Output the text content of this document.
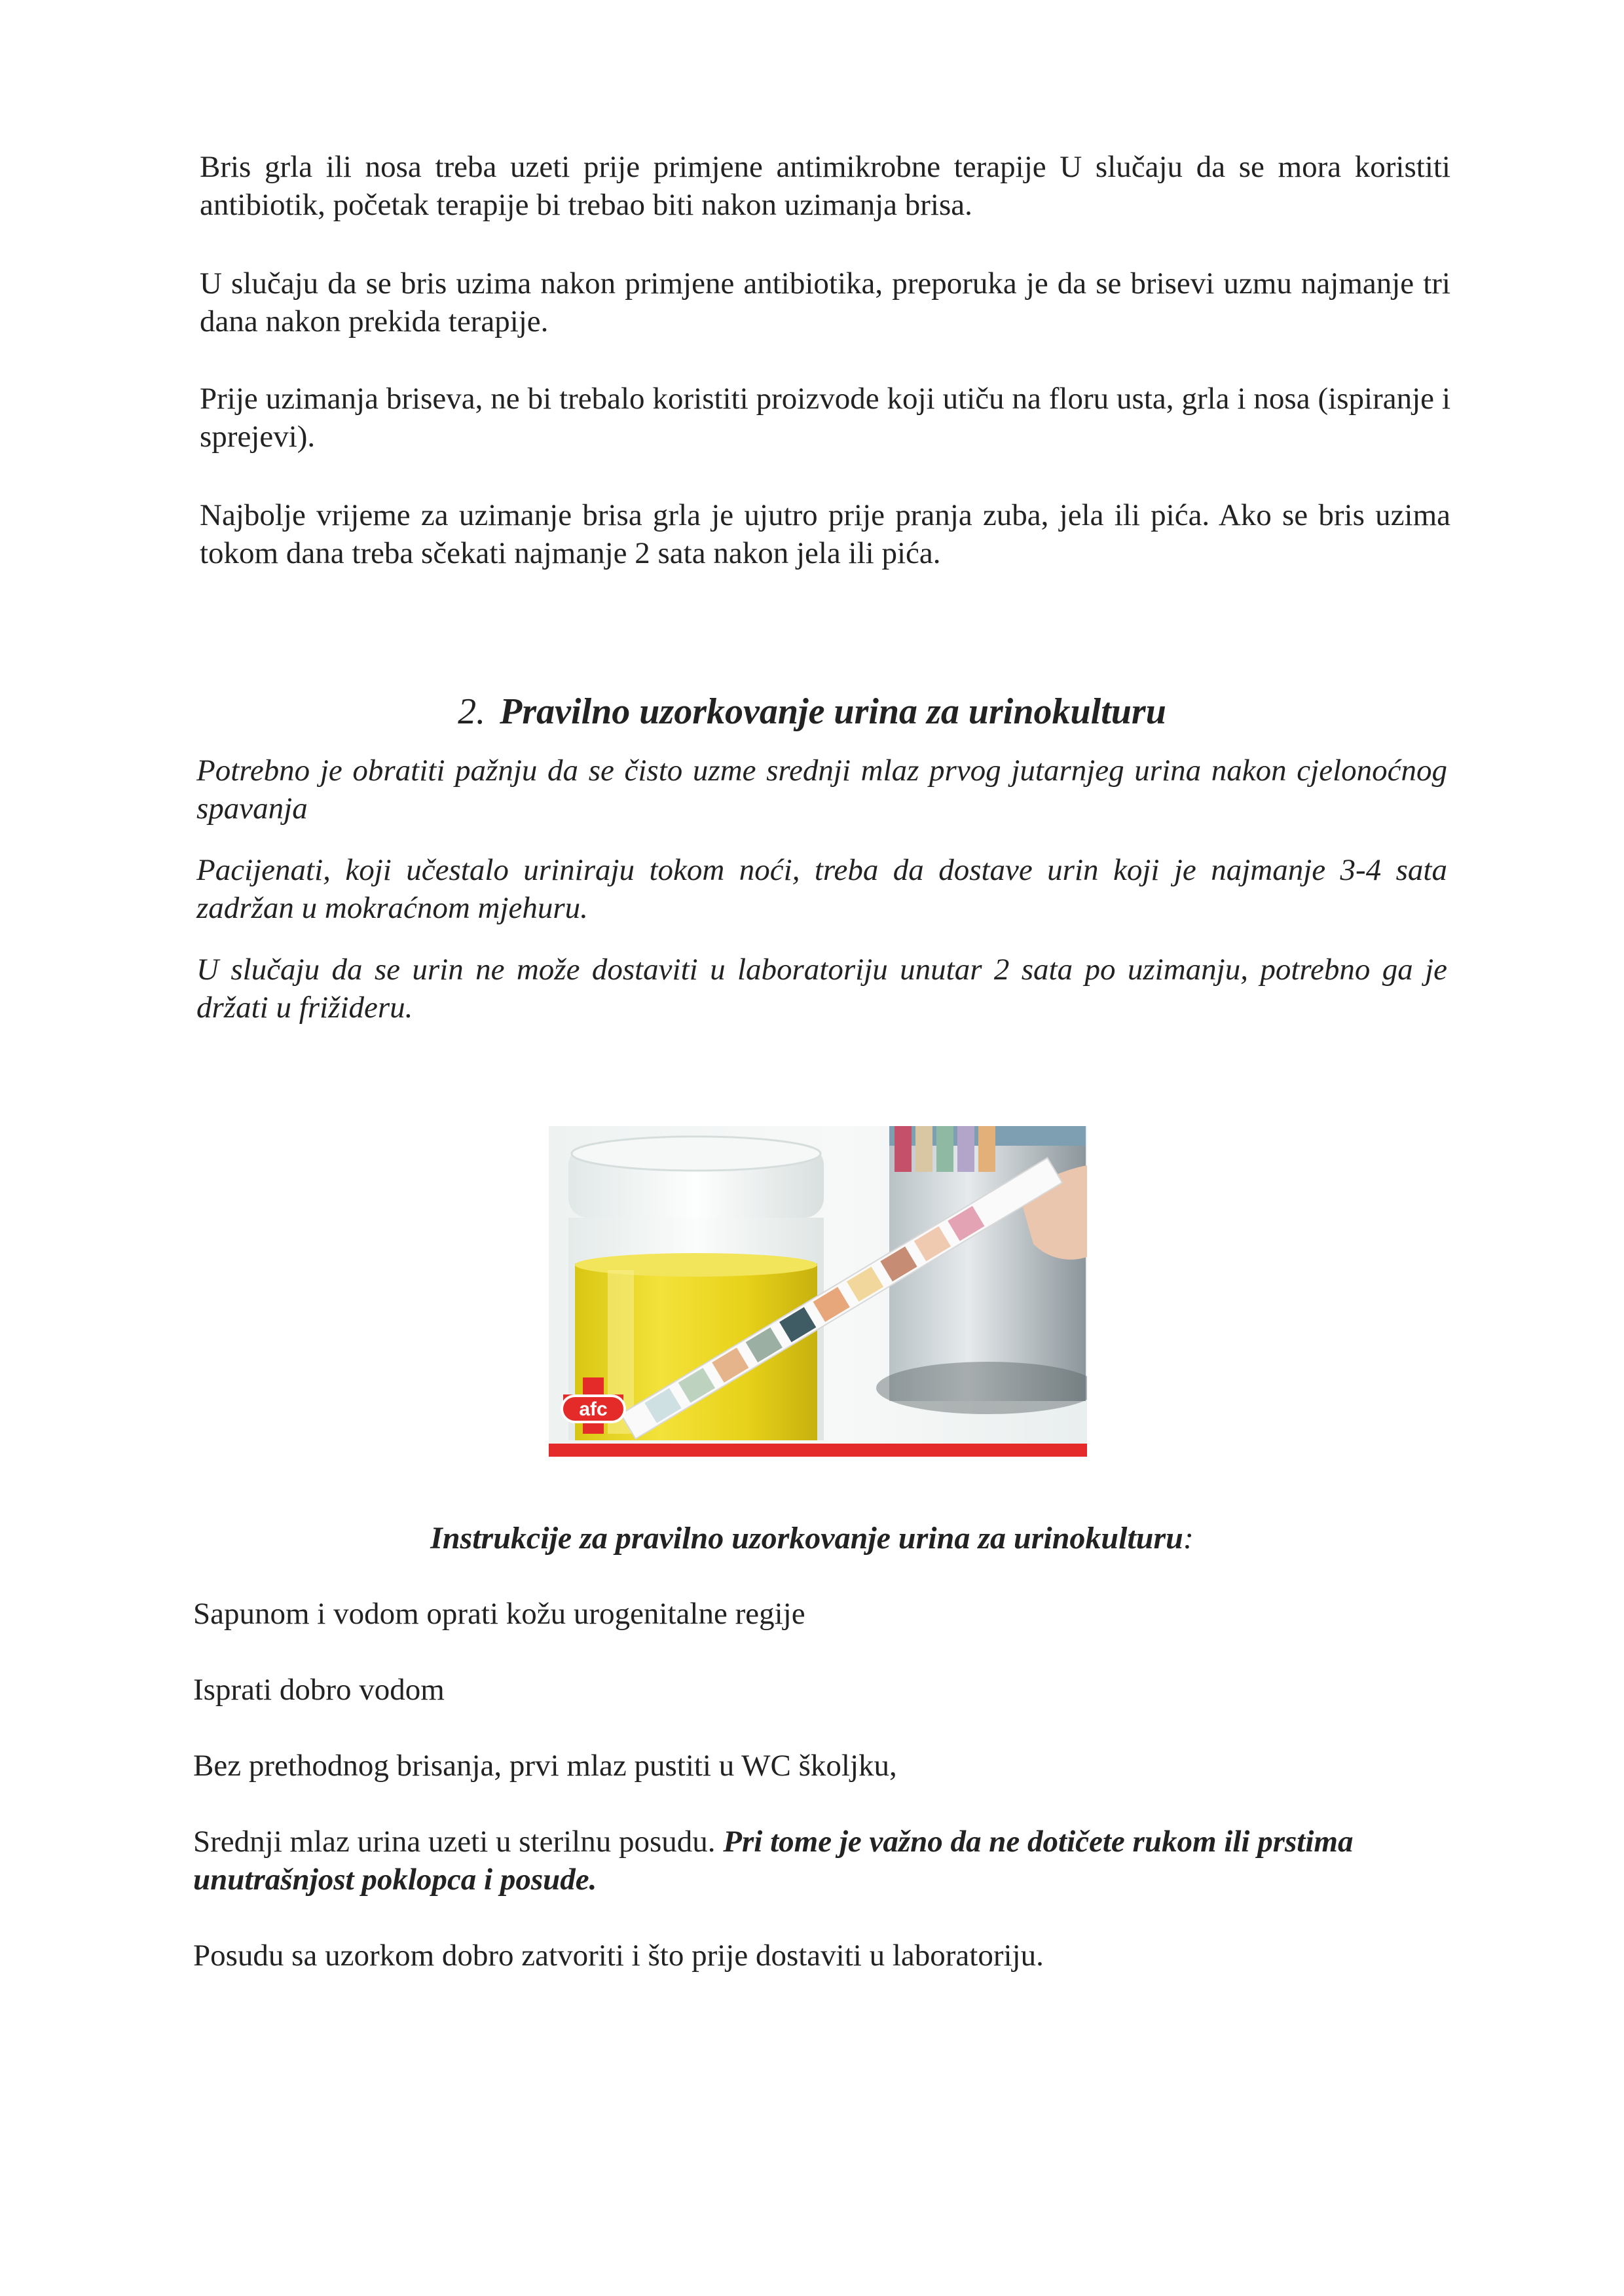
Bris grla ili nosa treba uzeti prije primjene antimikrobne terapije U slučaju da se mora koristiti antibiotik, početak terapije bi trebao biti nakon uzimanja brisa.

U slučaju da se bris uzima nakon primjene antibiotika, preporuka je da se brisevi uzmu najmanje tri dana nakon prekida terapije.

Prije uzimanja briseva, ne bi trebalo koristiti proizvode koji utiču na floru usta, grla i nosa (ispiranje i sprejevi).

Najbolje vrijeme za uzimanje brisa grla je ujutro prije pranja zuba, jela ili pića. Ako se bris uzima tokom dana treba sčekati najmanje 2 sata nakon jela ili pića.

2. Pravilno uzorkovanje urina za urinokulturu

Potrebno je obratiti pažnju da se čisto uzme srednji mlaz prvog jutarnjeg urina nakon cjelonoćnog spavanja

Pacijenati, koji učestalo uriniraju tokom noći, treba da dostave urin koji je najmanje 3-4 sata zadržan u mokraćnom mjehuru.

U slučaju da se urin ne može dostaviti u laboratoriju unutar 2 sata po uzimanju, potrebno ga je držati u frižideru.

afc
Instrukcije za pravilno uzorkovanje urina za urinokulturu:

Sapunom i vodom oprati kožu urogenitalne regije

Isprati dobro vodom

Bez prethodnog brisanja, prvi mlaz pustiti u WC školjku,

Srednji mlaz urina uzeti u sterilnu posudu. Pri tome je važno da ne dotičete rukom ili prstima unutrašnjost poklopca i posude.

Posudu sa uzorkom dobro zatvoriti i što prije dostaviti u laboratoriju.
